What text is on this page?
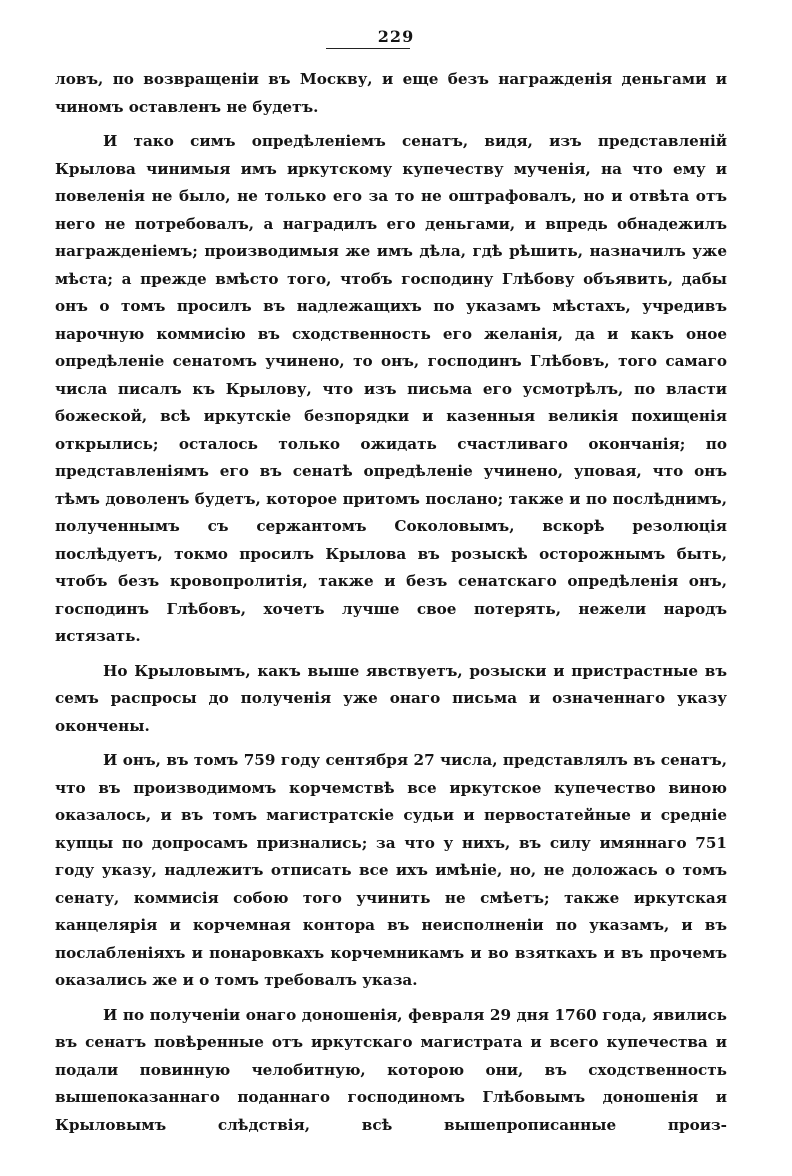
229

ловъ, по возвращеніи въ Москву, и еще безъ награжденія деньгами и чиномъ оставленъ не будетъ.

И тако симъ опредѣленіемъ сенатъ, видя, изъ представленій Крылова чинимыя имъ иркутскому купечеству мученія, на что ему и повеленія не было, не только его за то не оштрафовалъ, но и отвѣта отъ него не потребовалъ, а наградилъ его деньгами, и впредь обнадежилъ награжденіемъ; производимыя же имъ дѣла, гдѣ рѣшить, назначилъ уже мѣста; а прежде вмѣсто того, чтобъ господину Глѣбову объявить, дабы онъ о томъ просилъ въ надлежащихъ по указамъ мѣстахъ, учредивъ нарочную коммисію въ сходственность его желанія, да и какъ оное опредѣленіе сенатомъ учинено, то онъ, господинъ Глѣбовъ, того самаго числа писалъ къ Крылову, что изъ письма его усмотрѣлъ, по власти божеской, всѣ иркутскіе безпорядки и казенныя великія похищенія открылись; осталось только ожидать счастливаго окончанія; по представленіямъ его въ сенатѣ опредѣленіе учинено, уповая, что онъ тѣмъ доволенъ будетъ, которое притомъ послано; также и по послѣднимъ, полученнымъ съ сержантомъ Соколовымъ, вскорѣ резолюція послѣдуетъ, токмо просилъ Крылова въ розыскѣ осторожнымъ быть, чтобъ безъ кровопролитія, также и безъ сенатскаго опредѣленія онъ, господинъ Глѣбовъ, хочетъ лучше свое потерять, нежели народъ истязать.

Но Крыловымъ, какъ выше явствуетъ, розыски и пристрастные въ семъ распросы до полученія уже онаго письма и означеннаго указу окончены.

И онъ, въ томъ 759 году сентября 27 числа, представлялъ въ сенатъ, что въ производимомъ корчемствѣ все иркутское купечество виною оказалось, и въ томъ магистратскіе судьи и первостатейные и средніе купцы по допросамъ признались; за что у нихъ, въ силу имяннаго 751 году указу, надлежитъ отписать все ихъ имѣніе, но, не доложась о томъ сенату, коммисія собою того учинить не смѣетъ; также иркутская канцелярія и корчемная контора въ неисполненіи по указамъ, и въ послабленіяхъ и понаровкахъ корчемникамъ и во взяткахъ и въ прочемъ оказались же и о томъ требовалъ указа.

И по полученіи онаго доношенія, февраля 29 дня 1760 года, явились въ сенатъ повѣренные отъ иркутскаго магистрата и всего купечества и подали повинную челобитную, которою они, въ сходственность вышепоказаннаго поданнаго господиномъ Глѣбовымъ доношенія и Крыловымъ слѣдствія, всѣ вышепрописанные произ-
